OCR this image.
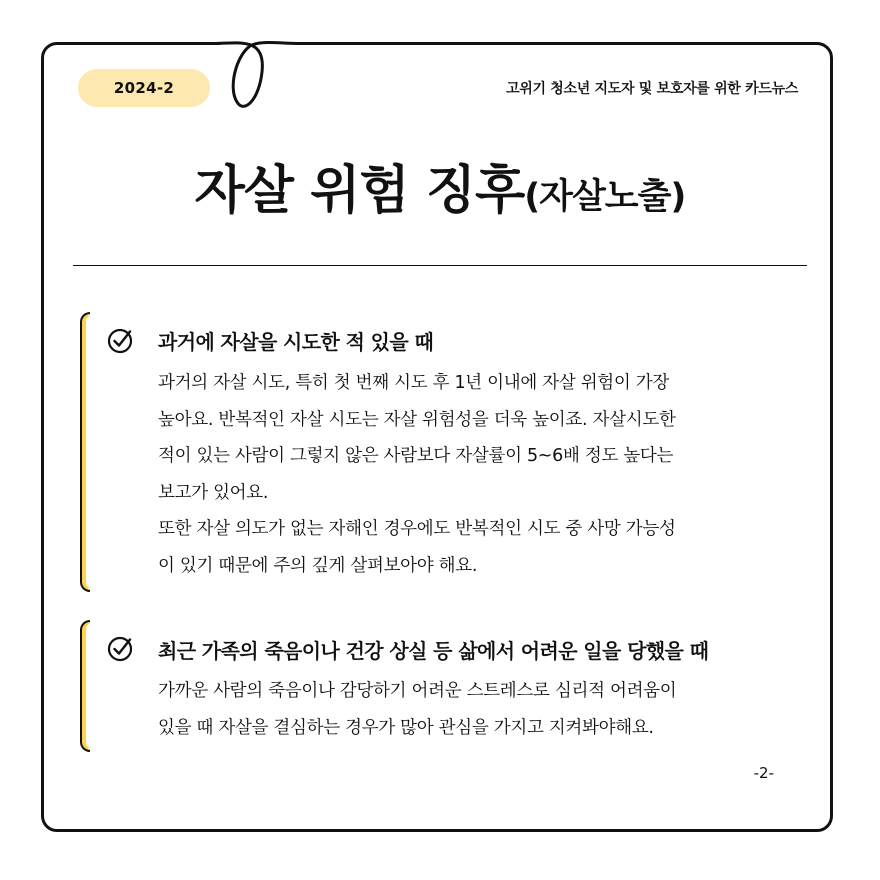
2024-2	고위기 청소년 지도자 및 보호자를 위한 카드뉴스
자살 위험 징후(자살노출)
과거에 자살을 시도한 적 있을 때
과거의 자살 시도, 특히 첫 번째 시도 후 1년 이내에 자살 위험이 가장
높아요. 반복적인 자살 시도는 자살 위험성을 더욱 높이죠. 자살시도한
적이 있는 사람이 그렇지 않은 사람보다 자살률이 5~6배 정도 높다는
보고가 있어요.
또한 자살 의도가 없는 자해인 경우에도 반복적인 시도 중 사망 가능성
이 있기 때문에 주의 깊게 살펴보아야 해요.
최근 가족의 죽음이나 건강 상실 등 삶에서 어려운 일을 당했을 때
가까운 사람의 죽음이나 감당하기 어려운 스트레스로 심리적 어려움이
있을 때 자살을 결심하는 경우가 많아 관심을 가지고 지켜봐야해요.
-2-
